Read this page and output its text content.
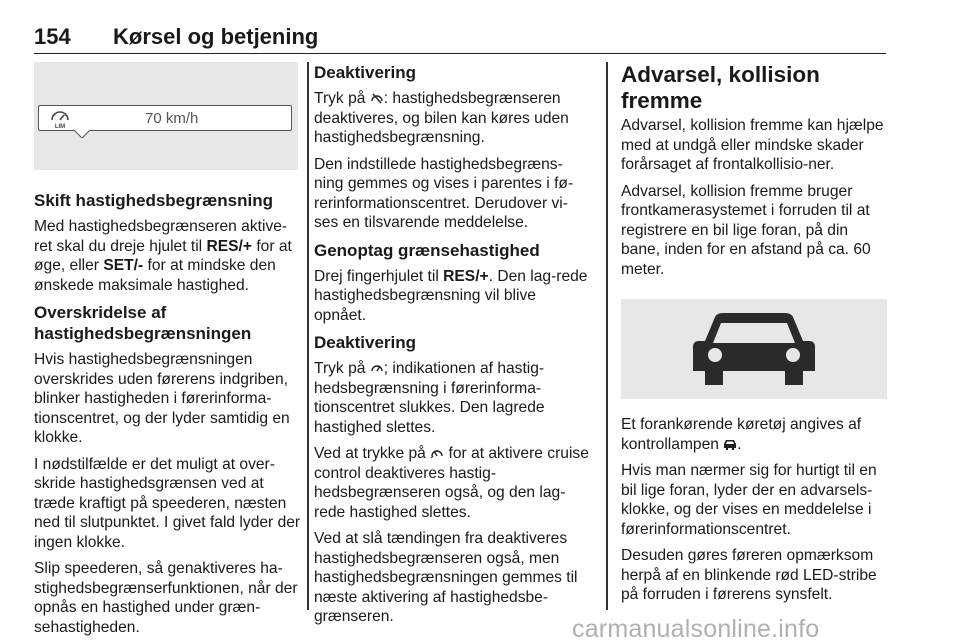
154 Kørsel og betjening
LIM	70 km/h
Skift hastighedsbegrænsning

Med hastighedsbegrænseren aktive-ret skal du dreje hjulet til RES/+ for at øge, eller SET/- for at mindske den ønskede maksimale hastighed.

Overskridelse af hastighedsbegrænsningen

Hvis hastighedsbegrænsningen overskrides uden førerens indgriben, blinker hastigheden i førerinforma-tionscentret, og der lyder samtidig en klokke.

I nødstilfælde er det muligt at over-skride hastighedsgrænsen ved at træde kraftigt på speederen, næsten ned til slutpunktet. I givet fald lyder der ingen klokke.

Slip speederen, så genaktiveres ha-stighedsbegrænserfunktionen, når der opnås en hastighed under græn-sehastigheden.

Deaktivering

Tryk på : hastighedsbegrænseren deaktiveres, og bilen kan køres uden hastighedsbegrænsning.

Den indstillede hastighedsbegræns-ning gemmes og vises i parentes i fø-rerinformationscentret. Derudover vi-ses en tilsvarende meddelelse.

Genoptag grænsehastighed

Drej fingerhjulet til RES/+. Den lag-rede hastighedsbegrænsning vil blive opnået.

Deaktivering

Tryk på ; indikationen af hastig-hedsbegrænsning i førerinforma-tionscentret slukkes. Den lagrede hastighed slettes.

Ved at trykke på  for at aktivere cruise control deaktiveres hastig-hedsbegrænseren også, og den lag-rede hastighed slettes.

Ved at slå tændingen fra deaktiveres hastighedsbegrænseren også, men hastighedsbegrænsningen gemmes til næste aktivering af hastighedsbe-grænseren.

Advarsel, kollision fremme

Advarsel, kollision fremme kan hjælpe med at undgå eller mindske skader forårsaget af frontalkollisio-ner.

Advarsel, kollision fremme bruger frontkamerasystemet i forruden til at registrere en bil lige foran, på din bane, inden for en afstand på ca. 60 meter.

Et forankørende køretøj angives af kontrollampen .

Hvis man nærmer sig for hurtigt til en bil lige foran, lyder der en advarsels-klokke, og der vises en meddelelse i førerinformationscentret.

Desuden gøres føreren opmærksom herpå af en blinkende rød LED-stribe på forruden i førerens synsfelt.

carmanualsonline.info
